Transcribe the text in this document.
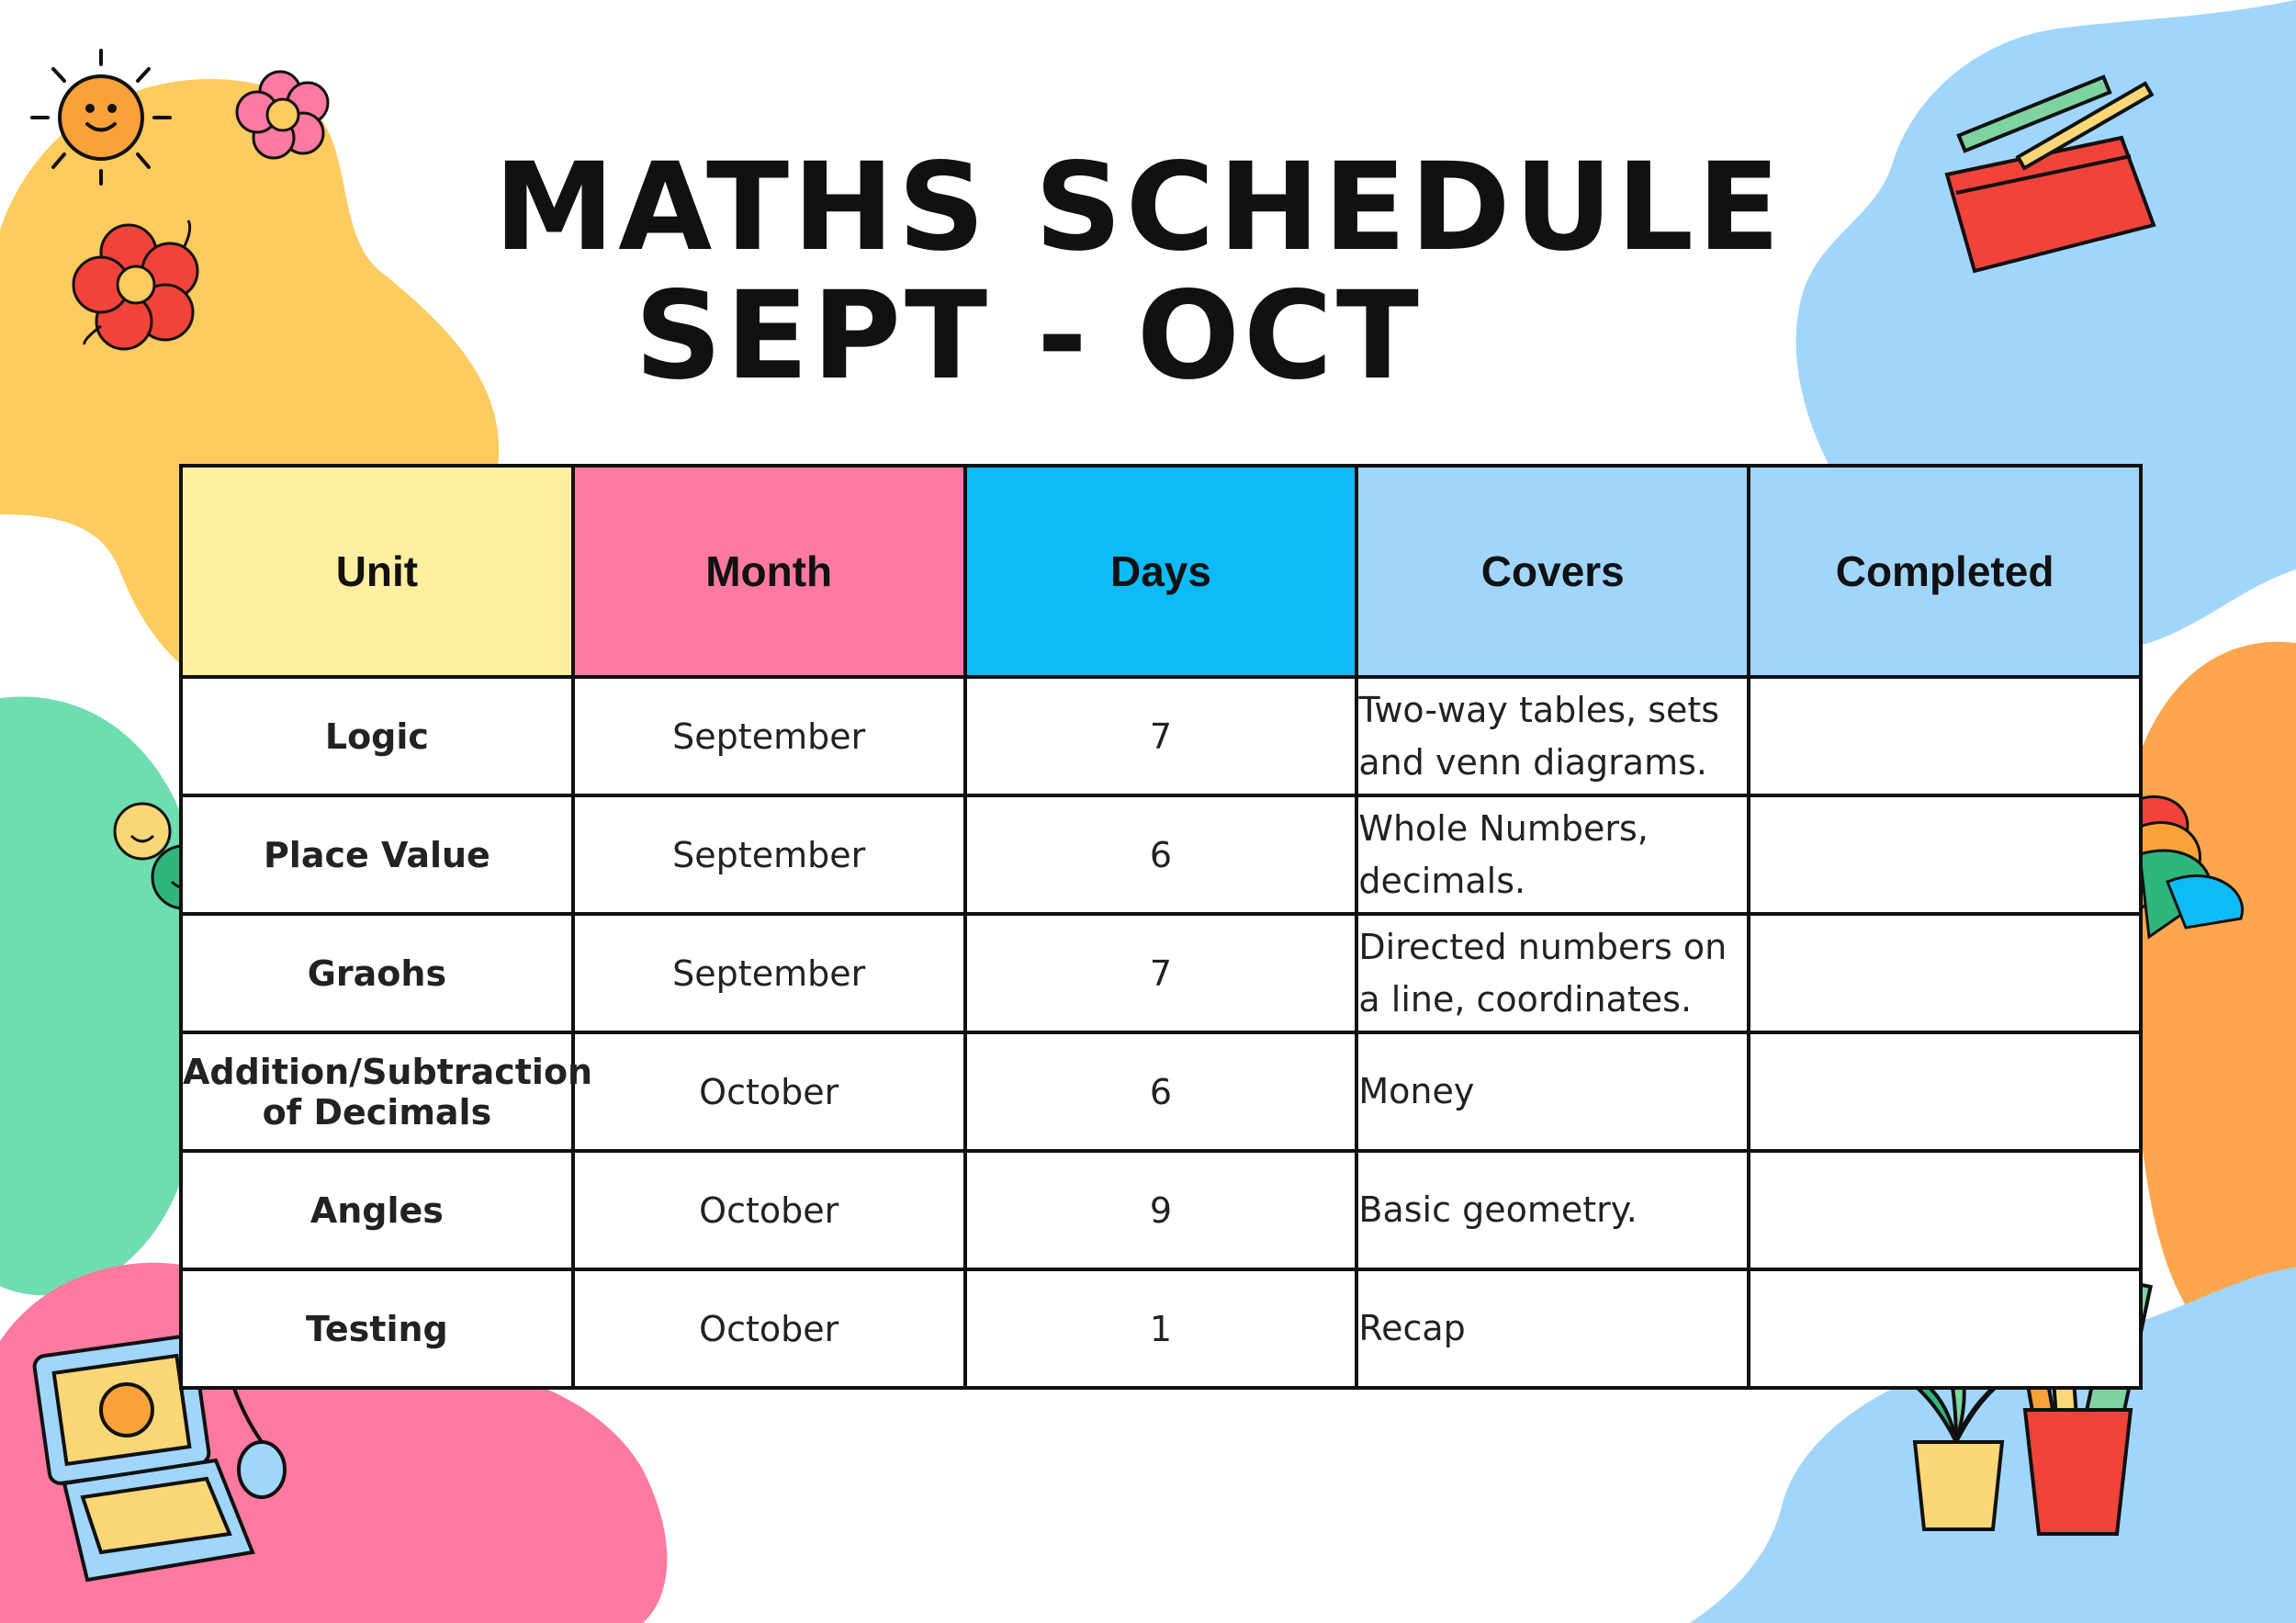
MATHS SCHEDULE
SEPT - OCT
Unit	Month	Days	Covers	Completed
Logic	September	7	Two-way tables, sets and venn diagrams.	
Place Value	September	6	Whole Numbers, decimals.	
Graohs	September	7	Directed numbers on a line, coordinates.	
Addition/Subtraction of Decimals	October	6	Money	
Angles	October	9	Basic geometry.	
Testing	October	1	Recap	
